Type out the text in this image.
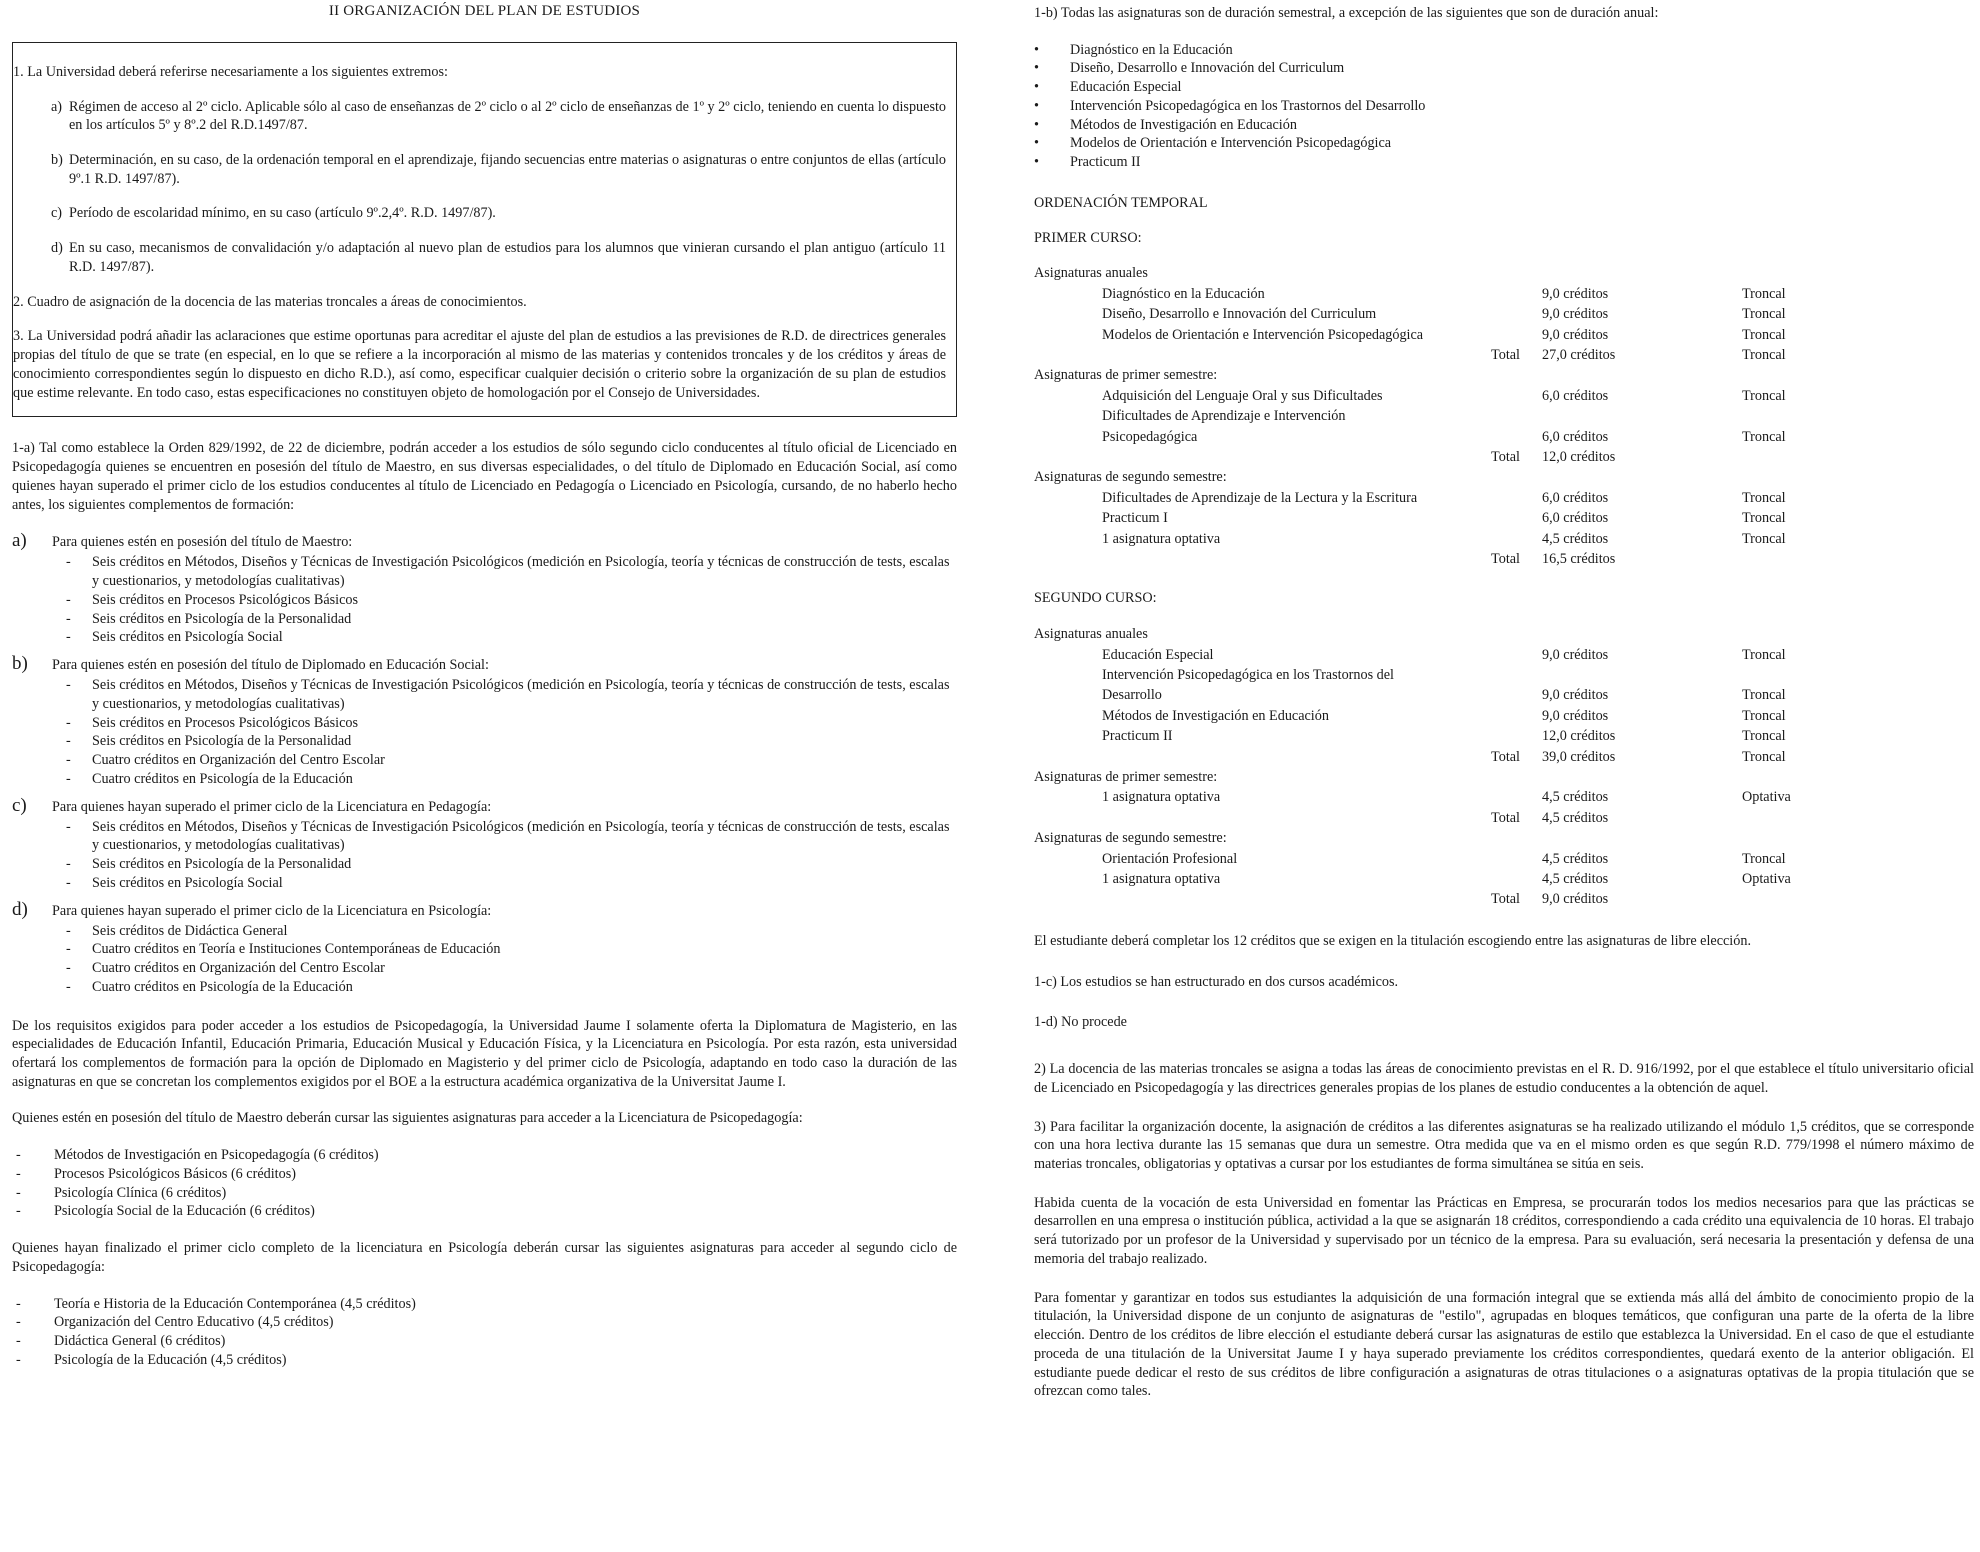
II ORGANIZACIÓN DEL PLAN DE ESTUDIOS

1. La Universidad deberá referirse necesariamente a los siguientes extremos:

a) Régimen de acceso al 2º ciclo. Aplicable sólo al caso de enseñanzas de 2º ciclo o al 2º ciclo de enseñanzas de 1º y 2º ciclo, teniendo en cuenta lo dispuesto en los artículos 5º y 8º.2 del R.D.1497/87.

b) Determinación, en su caso, de la ordenación temporal en el aprendizaje, fijando secuencias entre materias o asignaturas o entre conjuntos de ellas (artículo 9º.1 R.D. 1497/87).

c) Período de escolaridad mínimo, en su caso (artículo 9º.2,4º. R.D. 1497/87).

d) En su caso, mecanismos de convalidación y/o adaptación al nuevo plan de estudios para los alumnos que vinieran cursando el plan antiguo (artículo 11 R.D. 1497/87).

2. Cuadro de asignación de la docencia de las materias troncales a áreas de conocimientos.

3. La Universidad podrá añadir las aclaraciones que estime oportunas para acreditar el ajuste del plan de estudios a las previsiones de R.D. de directrices generales propias del título de que se trate (en especial, en lo que se refiere a la incorporación al mismo de las materias y contenidos troncales y de los créditos y áreas de conocimiento correspondientes según lo dispuesto en dicho R.D.), así como, especificar cualquier decisión o criterio sobre la organización de su plan de estudios que estime relevante. En todo caso, estas especificaciones no constituyen objeto de homologación por el Consejo de Universidades.

1-a) Tal como establece la Orden 829/1992, de 22 de diciembre, podrán acceder a los estudios de sólo segundo ciclo conducentes al título oficial de Licenciado en Psicopedagogía quienes se encuentren en posesión del título de Maestro, en sus diversas especialidades, o del título de Diplomado en Educación Social, así como quienes hayan superado el primer ciclo de los estudios conducentes al título de Licenciado en Pedagogía o Licenciado en Psicología, cursando, de no haberlo hecho antes, los siguientes complementos de formación:

a) Para quienes estén en posesión del título de Maestro:
- Seis créditos en Métodos, Diseños y Técnicas de Investigación Psicológicos (medición en Psicología, teoría y técnicas de construcción de tests, escalas y cuestionarios, y metodologías cualitativas)
- Seis créditos en Procesos Psicológicos Básicos
- Seis créditos en Psicología de la Personalidad
- Seis créditos en Psicología Social
b) Para quienes estén en posesión del título de Diplomado en Educación Social:
- Seis créditos en Métodos, Diseños y Técnicas de Investigación Psicológicos (medición en Psicología, teoría y técnicas de construcción de tests, escalas y cuestionarios, y metodologías cualitativas)
- Seis créditos en Procesos Psicológicos Básicos
- Seis créditos en Psicología de la Personalidad
- Cuatro créditos en Organización del Centro Escolar
- Cuatro créditos en Psicología de la Educación
c) Para quienes hayan superado el primer ciclo de la Licenciatura en Pedagogía:
- Seis créditos en Métodos, Diseños y Técnicas de Investigación Psicológicos (medición en Psicología, teoría y técnicas de construcción de tests, escalas y cuestionarios, y metodologías cualitativas)
- Seis créditos en Psicología de la Personalidad
- Seis créditos en Psicología Social
d) Para quienes hayan superado el primer ciclo de la Licenciatura en Psicología:
- Seis créditos de Didáctica General
- Cuatro créditos en Teoría e Instituciones Contemporáneas de Educación
- Cuatro créditos en Organización del Centro Escolar
- Cuatro créditos en Psicología de la Educación

De los requisitos exigidos para poder acceder a los estudios de Psicopedagogía, la Universidad Jaume I solamente oferta la Diplomatura de Magisterio, en las especialidades de Educación Infantil, Educación Primaria, Educación Musical y Educación Física, y la Licenciatura en Psicología. Por esta razón, esta universidad ofertará los complementos de formación para la opción de Diplomado en Magisterio y del primer ciclo de Psicología, adaptando en todo caso la duración de las asignaturas en que se concretan los complementos exigidos por el BOE a la estructura académica organizativa de la Universitat Jaume I.

Quienes estén en posesión del título de Maestro deberán cursar las siguientes asignaturas para acceder a la Licenciatura de Psicopedagogía:

- Métodos de Investigación en Psicopedagogía (6 créditos)
- Procesos Psicológicos Básicos (6 créditos)
- Psicología Clínica (6 créditos)
- Psicología Social de la Educación (6 créditos)

Quienes hayan finalizado el primer ciclo completo de la licenciatura en Psicología deberán cursar las siguientes asignaturas para acceder al segundo ciclo de Psicopedagogía:

- Teoría e Historia de la Educación Contemporánea (4,5 créditos)
- Organización del Centro Educativo (4,5 créditos)
- Didáctica General (6 créditos)
- Psicología de la Educación (4,5 créditos)

1-b) Todas las asignaturas son de duración semestral, a excepción de las siguientes que son de duración anual:

• Diagnóstico en la Educación
• Diseño, Desarrollo e Innovación del Curriculum
• Educación Especial
• Intervención Psicopedagógica en los Trastornos del Desarrollo
• Métodos de Investigación en Educación
• Modelos de Orientación e Intervención Psicopedagógica
• Practicum II

ORDENACIÓN TEMPORAL

PRIMER CURSO:

Asignaturas anuales			
	Diagnóstico en la Educación	9,0 créditos	Troncal
	Diseño, Desarrollo e Innovación del Curriculum	9,0 créditos	Troncal
	Modelos de Orientación e Intervención Psicopedagógica	9,0 créditos	Troncal
	Total	27,0 créditos	Troncal
Asignaturas de primer semestre:			
	Adquisición del Lenguaje Oral y sus Dificultades	6,0 créditos	Troncal
	Dificultades de Aprendizaje e Intervención		
	Psicopedagógica	6,0 créditos	Troncal
	Total	12,0 créditos	
Asignaturas de segundo semestre:			
	Dificultades de Aprendizaje de la Lectura y la Escritura	6,0 créditos	Troncal
	Practicum I	6,0 créditos	Troncal
	1 asignatura optativa	4,5 créditos	Troncal
	Total	16,5 créditos	

SEGUNDO CURSO:

Asignaturas anuales			
	Educación Especial	9,0 créditos	Troncal
	Intervención Psicopedagógica en los Trastornos del		
	Desarrollo	9,0 créditos	Troncal
	Métodos de Investigación en Educación	9,0 créditos	Troncal
	Practicum II	12,0 créditos	Troncal
	Total	39,0 créditos	Troncal
Asignaturas de primer semestre:			
	1 asignatura optativa	4,5 créditos	Optativa
	Total	4,5 créditos	
Asignaturas de segundo semestre:			
	Orientación Profesional	4,5 créditos	Troncal
	1 asignatura optativa	4,5 créditos	Optativa
	Total	9,0 créditos	

El estudiante deberá completar los 12 créditos que se exigen en la titulación escogiendo entre las asignaturas de libre elección.

1-c) Los estudios se han estructurado en dos cursos académicos.

1-d) No procede

2) La docencia de las materias troncales se asigna a todas las áreas de conocimiento previstas en el R. D. 916/1992, por el que establece el título universitario oficial de Licenciado en Psicopedagogía y las directrices generales propias de los planes de estudio conducentes a la obtención de aquel.

3) Para facilitar la organización docente, la asignación de créditos a las diferentes asignaturas se ha realizado utilizando el módulo 1,5 créditos, que se corresponde con una hora lectiva durante las 15 semanas que dura un semestre. Otra medida que va en el mismo orden es que según R.D. 779/1998 el número máximo de materias troncales, obligatorias y optativas a cursar por los estudiantes de forma simultánea se sitúa en seis.

Habida cuenta de la vocación de esta Universidad en fomentar las Prácticas en Empresa, se procurarán todos los medios necesarios para que las prácticas se desarrollen en una empresa o institución pública, actividad a la que se asignarán 18 créditos, correspondiendo a cada crédito una equivalencia de 10 horas. El trabajo será tutorizado por un profesor de la Universidad y supervisado por un técnico de la empresa. Para su evaluación, será necesaria la presentación y defensa de una memoria del trabajo realizado.

Para fomentar y garantizar en todos sus estudiantes la adquisición de una formación integral que se extienda más allá del ámbito de conocimiento propio de la titulación, la Universidad dispone de un conjunto de asignaturas de "estilo", agrupadas en bloques temáticos, que configuran una parte de la oferta de la libre elección. Dentro de los créditos de libre elección el estudiante deberá cursar las asignaturas de estilo que establezca la Universidad. En el caso de que el estudiante proceda de una titulación de la Universitat Jaume I y haya superado previamente los créditos correspondientes, quedará exento de la anterior obligación. El estudiante puede dedicar el resto de sus créditos de libre configuración a asignaturas de otras titulaciones o a asignaturas optativas de la propia titulación que se ofrezcan como tales.
